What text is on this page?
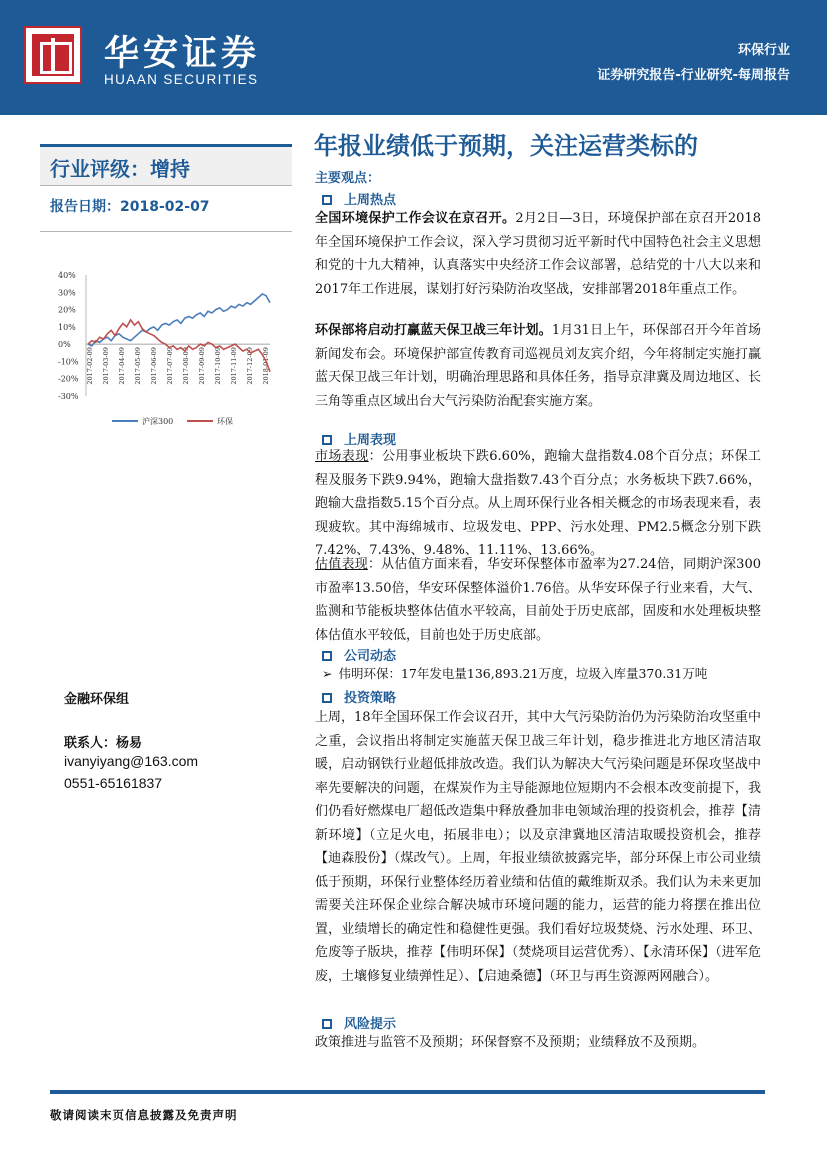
华安证券
HUAAN SECURITIES
环保行业
证券研究报告-行业研究-每周报告
年报业绩低于预期，关注运营类标的
行业评级：增持
报告日期：2018-02-07
40%
30%
20%
10%
0%
-10%
-20%
-30%
2017-02-09 2017-03-09 2017-04-09 2017-05-09 2017-06-09 2017-07-09 2017-08-09 2017-09-09 2017-10-09 2017-11-09 2017-12-09 2018-01-09
沪深300	环保
金融环保组
联系人：杨易
ivanyiyang@163.com
0551-65161837
主要观点：
上周热点
全国环境保护工作会议在京召开。2月2日—3日，环境保护部在京召开2018年全国环境保护工作会议，深入学习贯彻习近平新时代中国特色社会主义思想和党的十九大精神，认真落实中央经济工作会议部署，总结党的十八大以来和2017年工作进展，谋划打好污染防治攻坚战，安排部署2018年重点工作。
环保部将启动打赢蓝天保卫战三年计划。1月31日上午，环保部召开今年首场新闻发布会。环境保护部宣传教育司巡视员刘友宾介绍，今年将制定实施打赢蓝天保卫战三年计划，明确治理思路和具体任务，指导京津冀及周边地区、长三角等重点区域出台大气污染防治配套实施方案。
上周表现
市场表现：公用事业板块下跌6.60%，跑输大盘指数4.08个百分点；环保工程及服务下跌9.94%，跑输大盘指数7.43个百分点；水务板块下跌7.66%，跑输大盘指数5.15个百分点。从上周环保行业各相关概念的市场表现来看，表现疲软。其中海绵城市、垃圾发电、PPP、污水处理、PM2.5概念分别下跌7.42%、7.43%、9.48%、11.11%、13.66%。
估值表现：从估值方面来看，华安环保整体市盈率为27.24倍，同期沪深300市盈率13.50倍，华安环保整体溢价1.76倍。从华安环保子行业来看，大气、监测和节能板块整体估值水平较高，目前处于历史底部，固废和水处理板块整体估值水平较低，目前也处于历史底部。
公司动态
➢ 伟明环保：17年发电量136,893.21万度，垃圾入库量370.31万吨
投资策略
上周，18年全国环保工作会议召开，其中大气污染防治仍为污染防治攻坚重中之重，会议指出将制定实施蓝天保卫战三年计划，稳步推进北方地区清洁取暖，启动钢铁行业超低排放改造。我们认为解决大气污染问题是环保攻坚战中率先要解决的问题，在煤炭作为主导能源地位短期内不会根本改变前提下，我们仍看好燃煤电厂超低改造集中释放叠加非电领域治理的投资机会，推荐【清新环境】（立足火电，拓展非电）；以及京津冀地区清洁取暖投资机会，推荐【迪森股份】（煤改气）。上周，年报业绩欲披露完毕，部分环保上市公司业绩低于预期，环保行业整体经历着业绩和估值的戴维斯双杀。我们认为未来更加需要关注环保企业综合解决城市环境问题的能力，运营的能力将摆在推出位置，业绩增长的确定性和稳健性更强。我们看好垃圾焚烧、污水处理、环卫、危废等子版块，推荐【伟明环保】（焚烧项目运营优秀）、【永清环保】（进军危废，土壤修复业绩弹性足）、【启迪桑德】（环卫与再生资源两网融合）。
风险提示
政策推进与监管不及预期；环保督察不及预期；业绩释放不及预期。
敬请阅读末页信息披露及免责声明
